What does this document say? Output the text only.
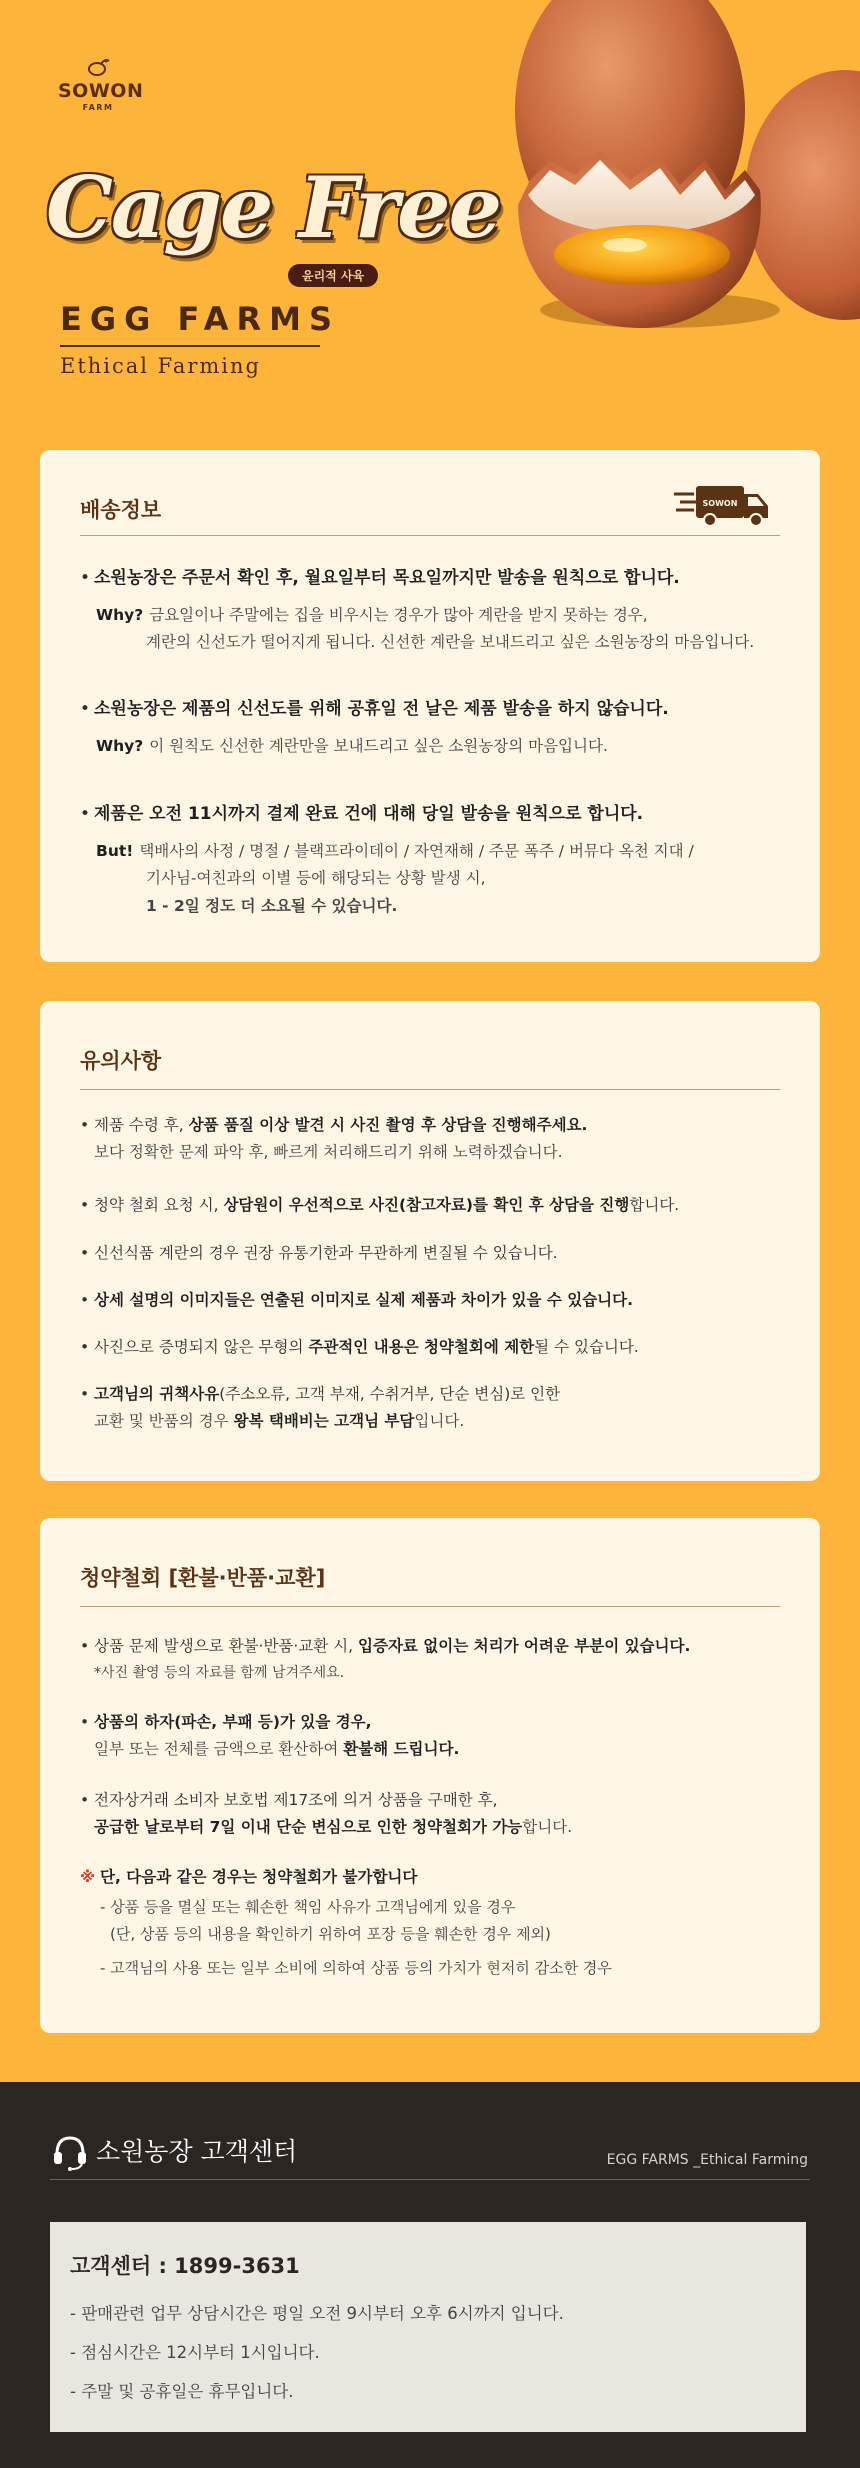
SOWON
FARM
Cage Free
윤리적 사육
EGG FARMS
Ethical Farming
배송정보	SOWON
• 소원농장은 주문서 확인 후, 월요일부터 목요일까지만 발송을 원칙으로 합니다.
Why? 금요일이나 주말에는 집을 비우시는 경우가 많아 계란을 받지 못하는 경우,
계란의 신선도가 떨어지게 됩니다. 신선한 계란을 보내드리고 싶은 소원농장의 마음입니다.
• 소원농장은 제품의 신선도를 위해 공휴일 전 날은 제품 발송을 하지 않습니다.
Why? 이 원칙도 신선한 계란만을 보내드리고 싶은 소원농장의 마음입니다.
• 제품은 오전 11시까지 결제 완료 건에 대해 당일 발송을 원칙으로 합니다.
But! 택배사의 사정 / 명절 / 블랙프라이데이 / 자연재해 / 주문 폭주 / 버뮤다 옥천 지대 /
기사님-여친과의 이별 등에 해당되는 상황 발생 시,
1 - 2일 정도 더 소요될 수 있습니다.
유의사항
• 제품 수령 후, 상품 품질 이상 발견 시 사진 촬영 후 상담을 진행해주세요.
보다 정확한 문제 파악 후, 빠르게 처리해드리기 위해 노력하겠습니다.
• 청약 철회 요청 시, 상담원이 우선적으로 사진(참고자료)를 확인 후 상담을 진행합니다.
• 신선식품 계란의 경우 권장 유통기한과 무관하게 변질될 수 있습니다.
• 상세 설명의 이미지들은 연출된 이미지로 실제 제품과 차이가 있을 수 있습니다.
• 사진으로 증명되지 않은 무형의 주관적인 내용은 청약철회에 제한될 수 있습니다.
• 고객님의 귀책사유(주소오류, 고객 부재, 수취거부, 단순 변심)로 인한
교환 및 반품의 경우 왕복 택배비는 고객님 부담입니다.
청약철회 [환불·반품·교환]
• 상품 문제 발생으로 환불·반품·교환 시, 입증자료 없이는 처리가 어려운 부분이 있습니다.
*사진 촬영 등의 자료를 함께 남겨주세요.
• 상품의 하자(파손, 부패 등)가 있을 경우,
일부 또는 전체를 금액으로 환산하여 환불해 드립니다.
• 전자상거래 소비자 보호법 제17조에 의거 상품을 구매한 후,
공급한 날로부터 7일 이내 단순 변심으로 인한 청약철회가 가능합니다.
※ 단, 다음과 같은 경우는 청약철회가 불가합니다
- 상품 등을 멸실 또는 훼손한 책임 사유가 고객님에게 있을 경우
(단, 상품 등의 내용을 확인하기 위하여 포장 등을 훼손한 경우 제외)
- 고객님의 사용 또는 일부 소비에 의하여 상품 등의 가치가 현저히 감소한 경우
소원농장 고객센터	EGG FARMS _Ethical Farming
고객센터 : 1899-3631
- 판매관련 업무 상담시간은 평일 오전 9시부터 오후 6시까지 입니다.
- 점심시간은 12시부터 1시입니다.
- 주말 및 공휴일은 휴무입니다.
